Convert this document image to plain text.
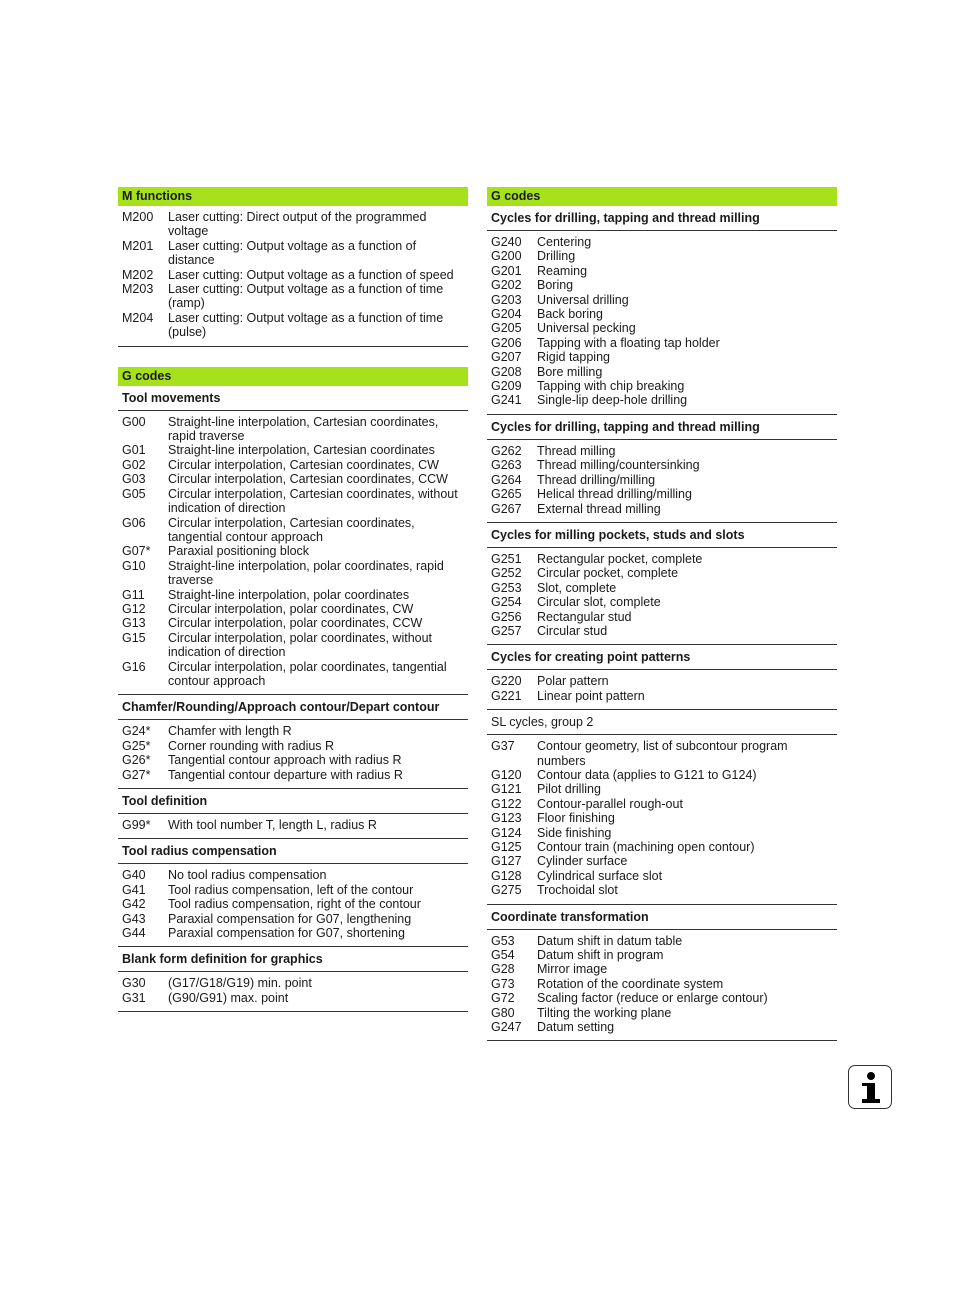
M functions
M200	Laser cutting: Direct output of the programmed voltage
M201	Laser cutting: Output voltage as a function of distance
M202	Laser cutting: Output voltage as a function of speed
M203	Laser cutting: Output voltage as a function of time (ramp)
M204	Laser cutting: Output voltage as a function of time (pulse)
G codes
Tool movements
G00	Straight-line interpolation, Cartesian coordinates, rapid traverse
G01	Straight-line interpolation, Cartesian coordinates
G02	Circular interpolation, Cartesian coordinates, CW
G03	Circular interpolation, Cartesian coordinates, CCW
G05	Circular interpolation, Cartesian coordinates, without indication of direction
G06	Circular interpolation, Cartesian coordinates, tangential contour approach
G07*	Paraxial positioning block
G10	Straight-line interpolation, polar coordinates, rapid traverse
G11	Straight-line interpolation, polar coordinates
G12	Circular interpolation, polar coordinates, CW
G13	Circular interpolation, polar coordinates, CCW
G15	Circular interpolation, polar coordinates, without indication of direction
G16	Circular interpolation, polar coordinates, tangential contour approach
Chamfer/Rounding/Approach contour/Depart contour
G24*	Chamfer with length R
G25*	Corner rounding with radius R
G26*	Tangential contour approach with radius R
G27*	Tangential contour departure with radius R
Tool definition
G99*	With tool number T, length L, radius R
Tool radius compensation
G40	No tool radius compensation
G41	Tool radius compensation, left of the contour
G42	Tool radius compensation, right of the contour
G43	Paraxial compensation for G07, lengthening
G44	Paraxial compensation for G07, shortening
Blank form definition for graphics
G30	(G17/G18/G19) min. point
G31	(G90/G91) max. point
G codes
Cycles for drilling, tapping and thread milling
G240	Centering
G200	Drilling
G201	Reaming
G202	Boring
G203	Universal drilling
G204	Back boring
G205	Universal pecking
G206	Tapping with a floating tap holder
G207	Rigid tapping
G208	Bore milling
G209	Tapping with chip breaking
G241	Single-lip deep-hole drilling
Cycles for drilling, tapping and thread milling
G262	Thread milling
G263	Thread milling/countersinking
G264	Thread drilling/milling
G265	Helical thread drilling/milling
G267	External thread milling
Cycles for milling pockets, studs and slots
G251	Rectangular pocket, complete
G252	Circular pocket, complete
G253	Slot, complete
G254	Circular slot, complete
G256	Rectangular stud
G257	Circular stud
Cycles for creating point patterns
G220	Polar pattern
G221	Linear point pattern
SL cycles, group 2
G37	Contour geometry, list of subcontour program numbers
G120	Contour data (applies to G121 to G124)
G121	Pilot drilling
G122	Contour-parallel rough-out
G123	Floor finishing
G124	Side finishing
G125	Contour train (machining open contour)
G127	Cylinder surface
G128	Cylindrical surface slot
G275	Trochoidal slot
Coordinate transformation
G53	Datum shift in datum table
G54	Datum shift in program
G28	Mirror image
G73	Rotation of the coordinate system
G72	Scaling factor (reduce or enlarge contour)
G80	Tilting the working plane
G247	Datum setting
